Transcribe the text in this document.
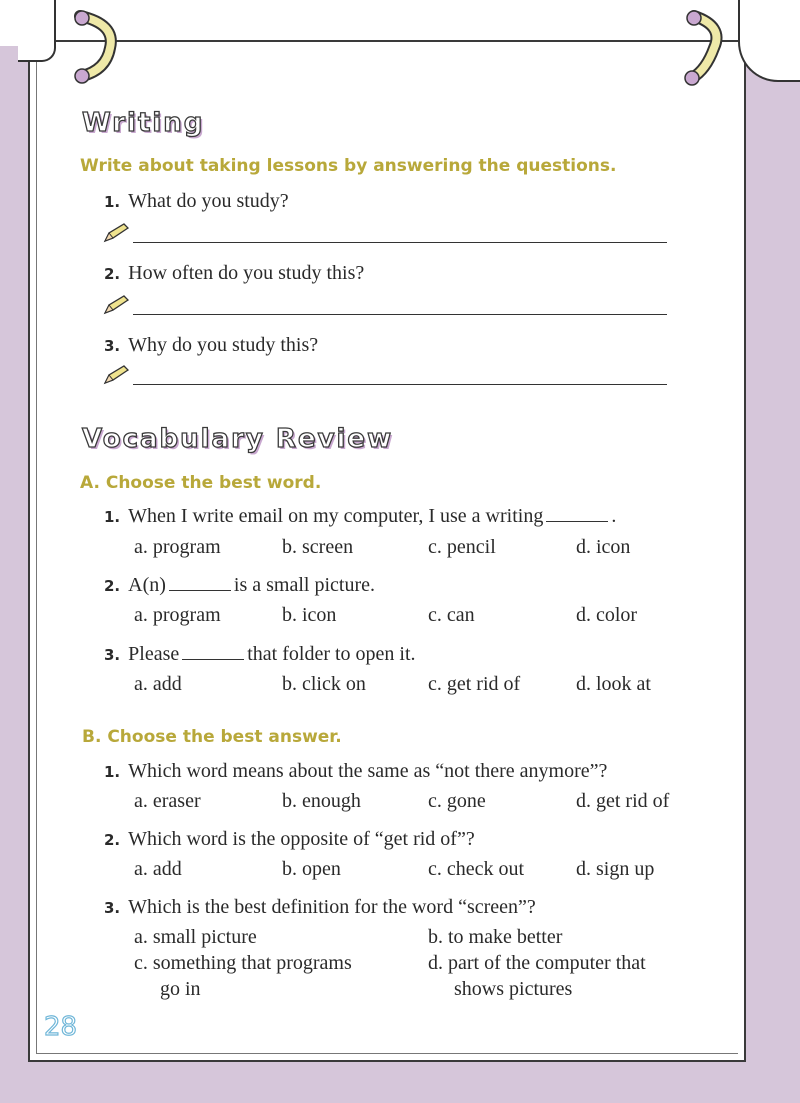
Writing
Write about taking lessons by answering the questions.
1. What do you study?
2. How often do you study this?
3. Why do you study this?
Vocabulary Review
A. Choose the best word.
1. When I write email on my computer, I use a writing	.
a. program	b. screen	c. pencil	d. icon
2. A(n)	is a small picture.
a. program	b. icon	c. can	d. color
3. Please	that folder to open it.
a. add	b. click on	c. get rid of	d. look at
B. Choose the best answer.
1. Which word means about the same as “not there anymore”?
a. eraser	b. enough	c. gone	d. get rid of
2. Which word is the opposite of “get rid of”?
a. add	b. open	c. check out	d. sign up
3. Which is the best definition for the word “screen”?
a. small picture	b. to make better
c. something that programs
go in
d. part of the computer that
shows pictures
28
